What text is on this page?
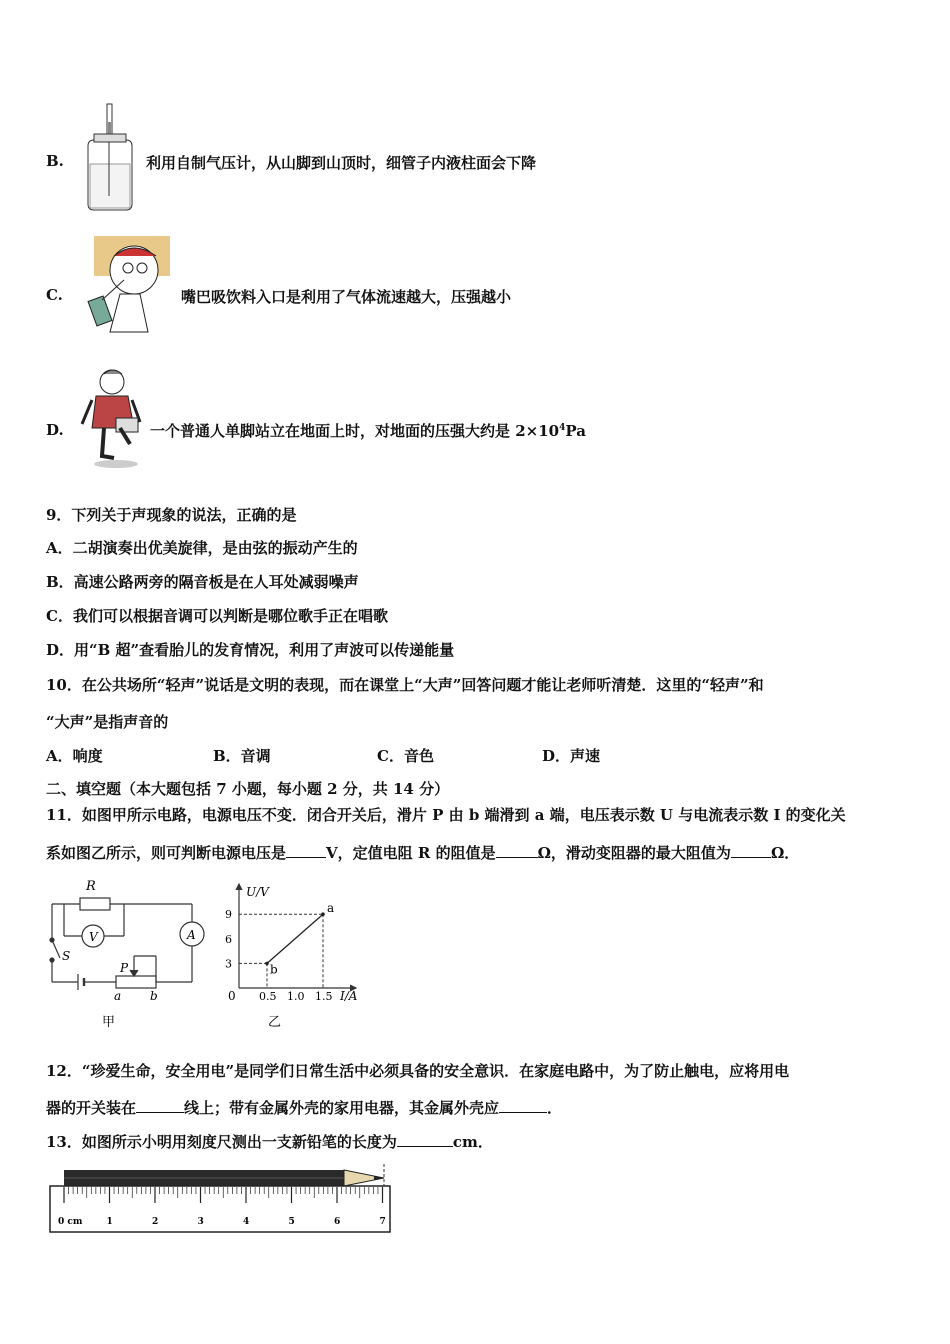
B.	利用自制气压计，从山脚到山顶时，细管子内液柱面会下降
C.	嘴巴吸饮料入口是利用了气体流速越大，压强越小
D.	一个普通人单脚站立在地面上时，对地面的压强大约是 $2\times 10^4Pa$
9．下列关于声现象的说法，正确的是
A．二胡演奏出优美旋律，是由弦的振动产生的
B．高速公路两旁的隔音板是在人耳处减弱噪声
C．我们可以根据音调可以判断是哪位歌手正在唱歌
D．用“B 超”查看胎儿的发育情况，利用了声波可以传递能量
10．在公共场所“轻声”说话是文明的表现，而在课堂上“大声”回答问题才能让老师听清楚．这里的“轻声”和
“大声”是指声音的
A．响度	B．音调	C．音色	D．声速
二、填空题（本大题包括 7 小题，每小题 2 分，共 14 分）
11．如图甲所示电路，电源电压不变．闭合开关后，滑片 P 由 b 端滑到 a 端，电压表示数 U 与电流表示数 I 的变化关
系如图乙所示，则可判断电源电压是	V，定值电阻 R 的阻值是	Ω，滑动变阻器的最大阻值为	Ω．
R
V	A
S
P
a b
甲
U/V
I/A
0 0.5 1.0 1.5
3
6
9
b
a
乙
12．“珍爱生命，安全用电”是同学们日常生活中必须具备的安全意识．在家庭电路中，为了防止触电，应将用电
器的开关装在	线上；带有金属外壳的家用电器，其金属外壳应	．
13．如图所示小明用刻度尺测出一支新铅笔的长度为	cm．
1	2	3	4	5	6	7
0 cm
